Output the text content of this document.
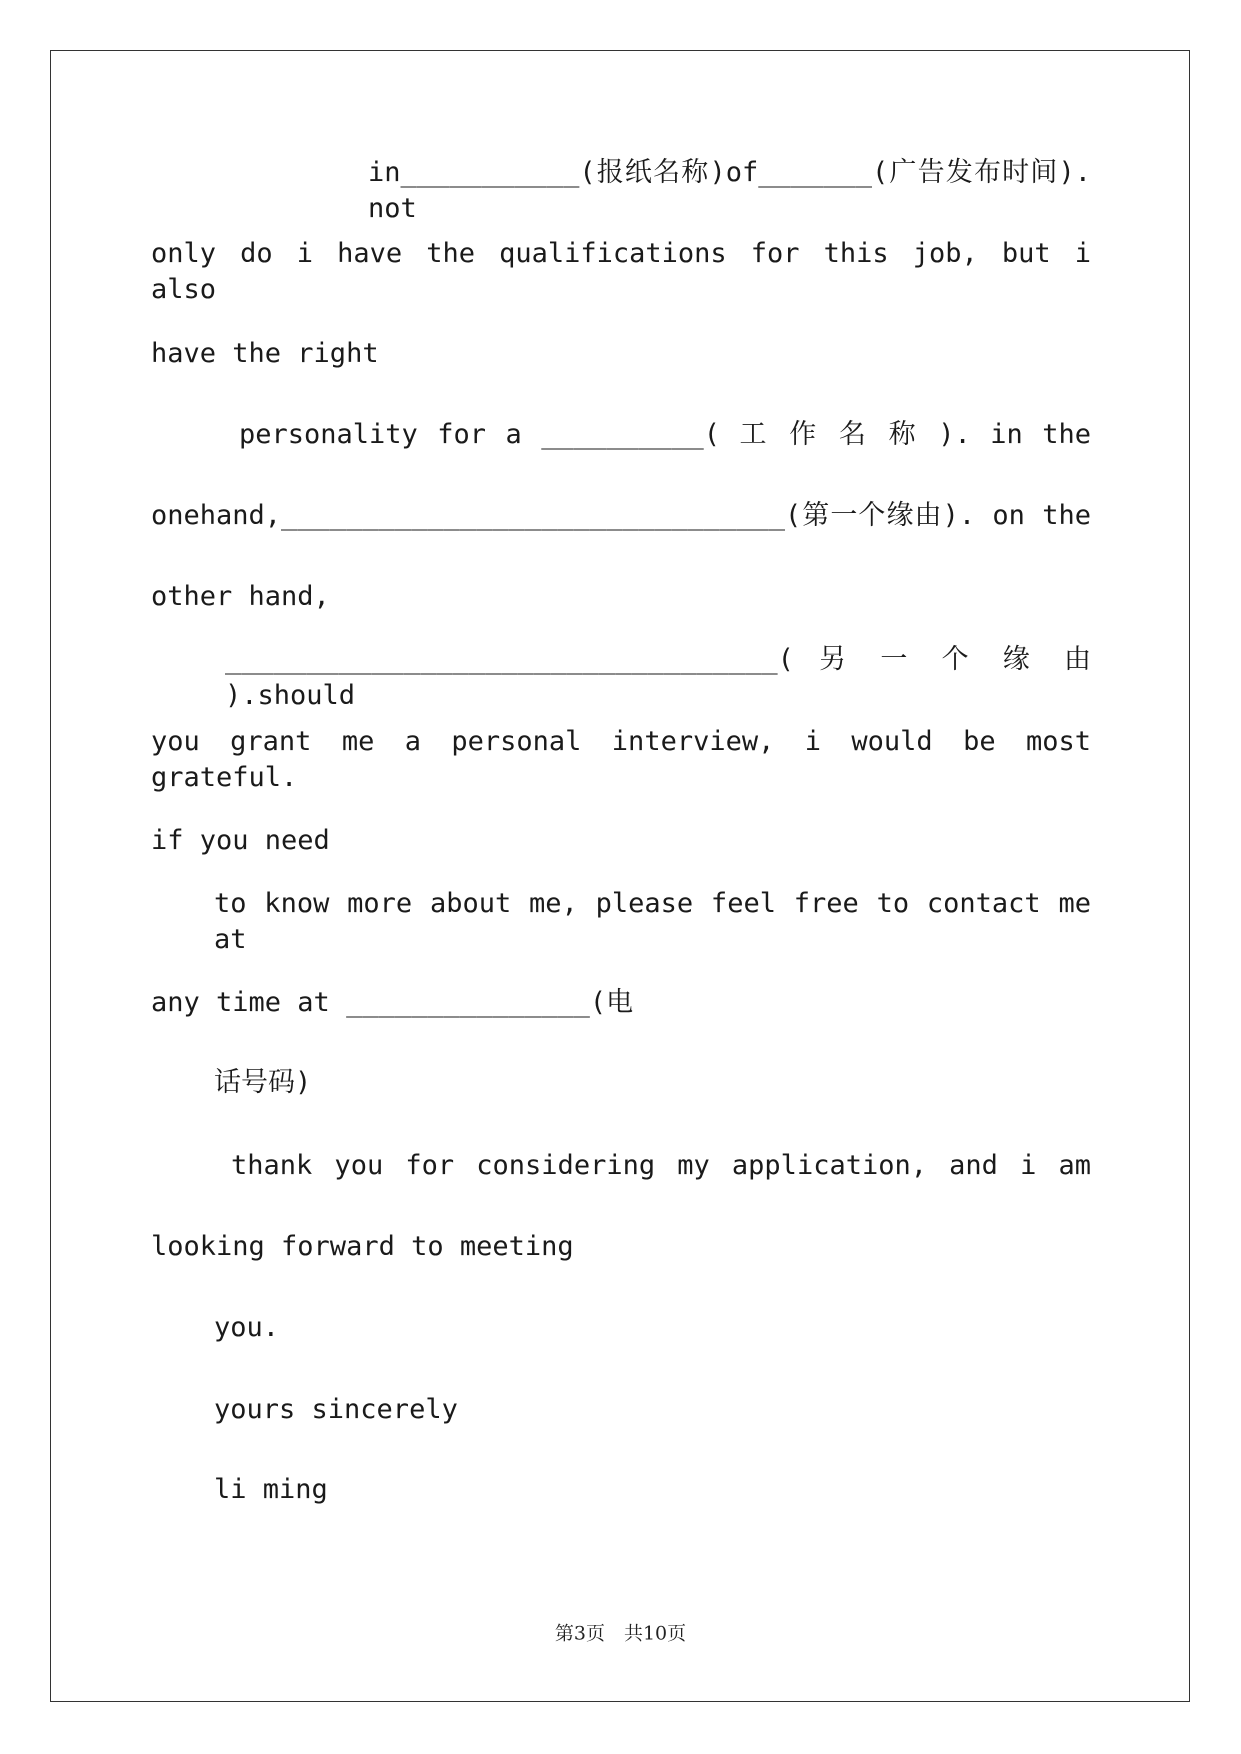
in___________(报纸名称)of_______(广告发布时间). not
only do i have the qualifications for this job, but i also
have the right
personality for a __________( 工 作 名 称 ). in the
onehand,_______________________________(第一个缘由). on the
other hand,
__________________________________( 另 一 个 缘 由 ).should
you grant me a personal interview, i would be most grateful.
if you need
to know more about me, please feel free to contact me at
any time at _______________(电
话号码)
thank you for considering my application, and i am
looking forward to meeting
you.
yours sincerely
li ming
第3页　共10页
